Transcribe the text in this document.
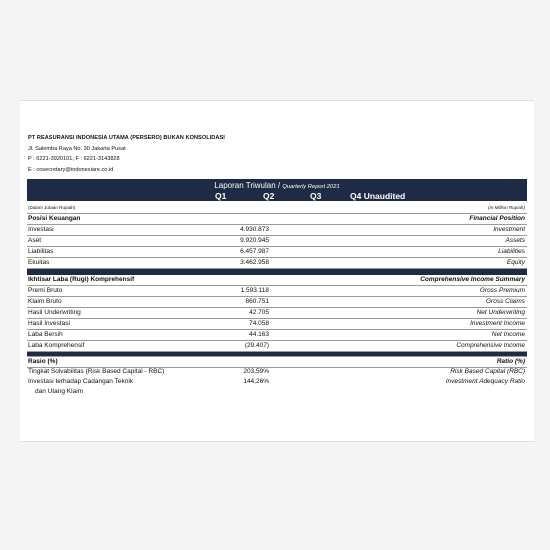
PT REASURANSI INDONESIA UTAMA (PERSERO) BUKAN KONSOLIDASI
Jl. Salemba Raya No. 30 Jakarta Pusat
P : 6221-3920101, F : 6221-3143828
E : cosecretary@indonesiare.co.id
Laporan Triwulan / Quarterly Report 2021
Q1	Q2	Q3	Q4 Unaudited
(Dalam Jutaan Rupiah)	(In Million Rupiah)
Posisi Keuangan	Financial Position
Investasi	4.930.873	Investment
Aset	9.920.945	Assets
Liabilitas	6.457.987	Liabilities
Ekuitas	3.462.958	Equity
Ikhtisar Laba (Rugi) Komprehensif	Comprehensive Income Summary
Premi Bruto	1.593.118	Gross Premium
Klaim Bruto	860.751	Gross Claims
Hasil Underwriting	42.705	Net Underwriting
Hasil Investasi	74.058	Investment Income
Laba Bersih	44.163	Net Income
Laba Komprehensif	(29.407)	Comprehensive Income
Rasio (%)	Ratio (%)
Tingkat Solvabilitas (Risk Based Capital - RBC)	203,59%	Risk Based Capital (RBC)
Investasi terhadap Cadangan Teknik	144,26%	Investment Adequacy Ratio
dan Utang Klaim
